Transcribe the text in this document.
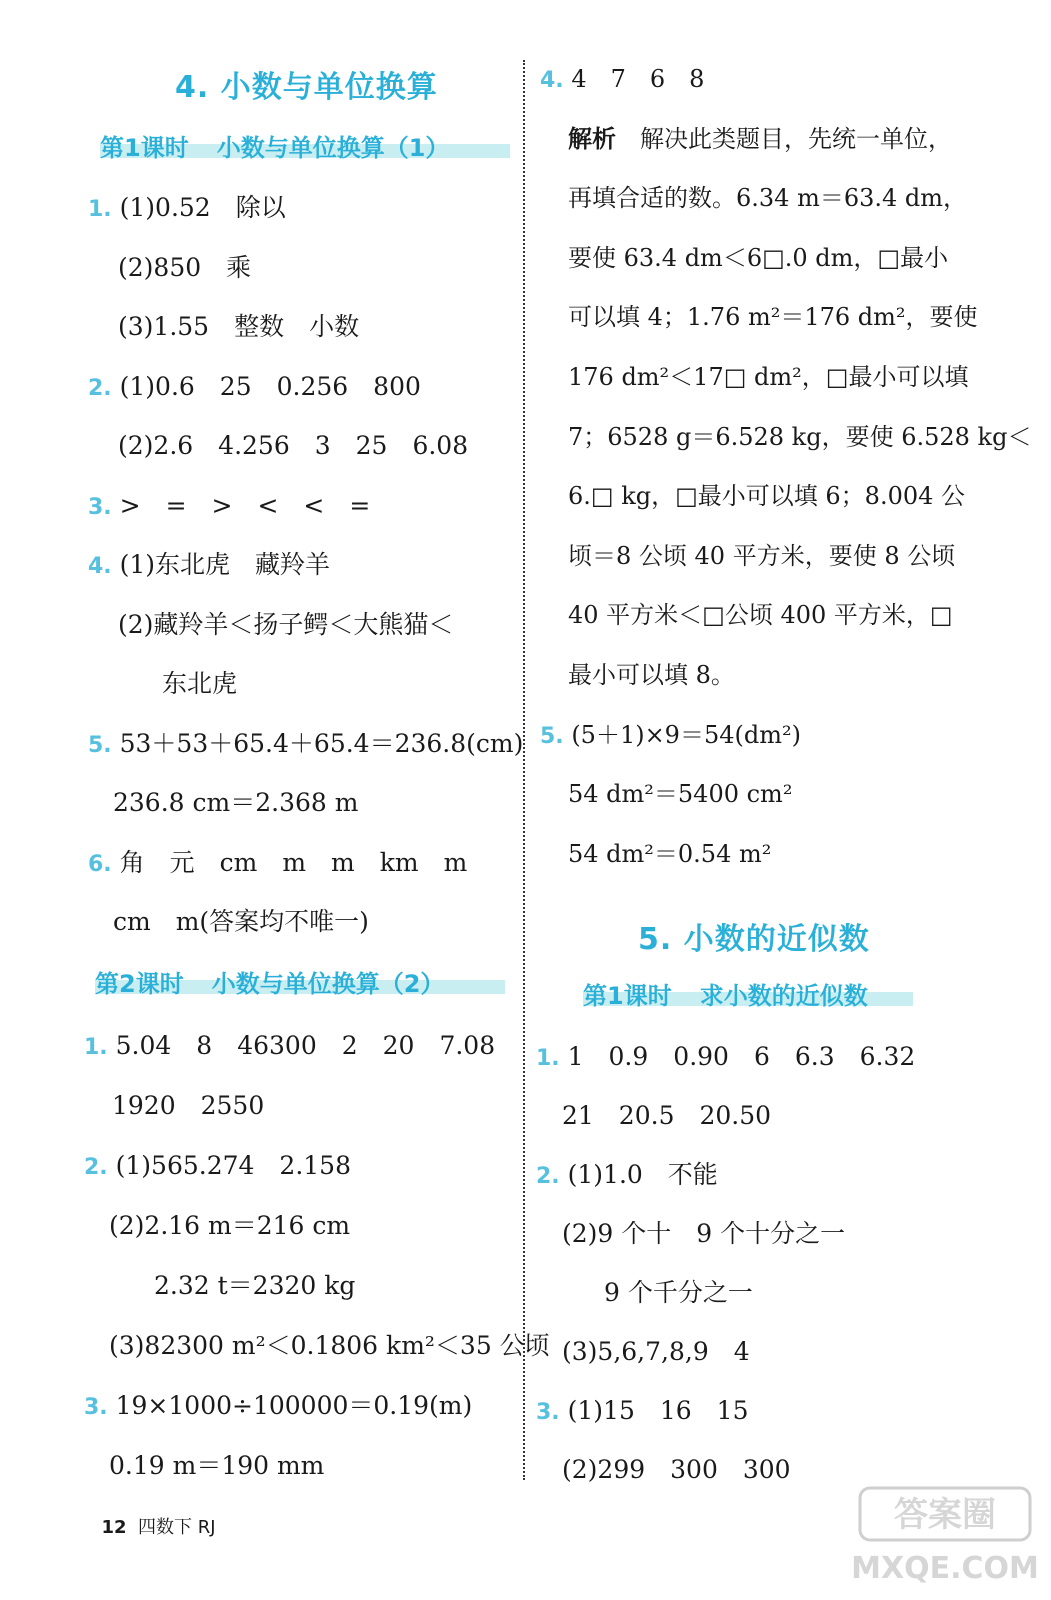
4. 小数与单位换算
第1课时 小数与单位换算（1）
1. (1)0.52　除以
(2)850　乘
(3)1.55　整数　小数
2. (1)0.6　25　0.256　800
(2)2.6　4.256　3　25　6.08
3. >　=　>　<　<　=
4. (1)东北虎　藏羚羊
(2)藏羚羊＜扬子鳄＜大熊猫＜
东北虎
5. 53＋53＋65.4＋65.4＝236.8(cm)
236.8 cm＝2.368 m
6. 角　元　cm　m　m　km　m
cm　m(答案均不唯一)
第2课时 小数与单位换算（2）
1. 5.04　8　46300　2　20　7.08
1920　2550
2. (1)565.274　2.158
(2)2.16 m＝216 cm
2.32 t＝2320 kg
(3)82300 m²＜0.1806 km²＜35 公顷
3. 19×1000÷100000＝0.19(m)
0.19 m＝190 mm
4. 4　7　6　8
解析　解决此类题目，先统一单位，
再填合适的数。6.34 m＝63.4 dm，
要使 63.4 dm＜6□.0 dm，□最小
可以填 4；1.76 m²＝176 dm²，要使
176 dm²＜17□ dm²，□最小可以填
7；6528 g＝6.528 kg，要使 6.528 kg＜
6.□ kg，□最小可以填 6；8.004 公
顷＝8 公顷 40 平方米，要使 8 公顷
40 平方米＜□公顷 400 平方米，□
最小可以填 8。
5. (5＋1)×9＝54(dm²)
54 dm²＝5400 cm²
54 dm²＝0.54 m²
5. 小数的近似数
第1课时 求小数的近似数
1. 1　0.9　0.90　6　6.3　6.32
21　20.5　20.50
2. (1)1.0　不能
(2)9 个十　9 个十分之一
9 个千分之一
(3)5,6,7,8,9　4
3. (1)15　16　15
(2)299　300　300

12 四数下 RJ	答案圈
MXQE.COM
